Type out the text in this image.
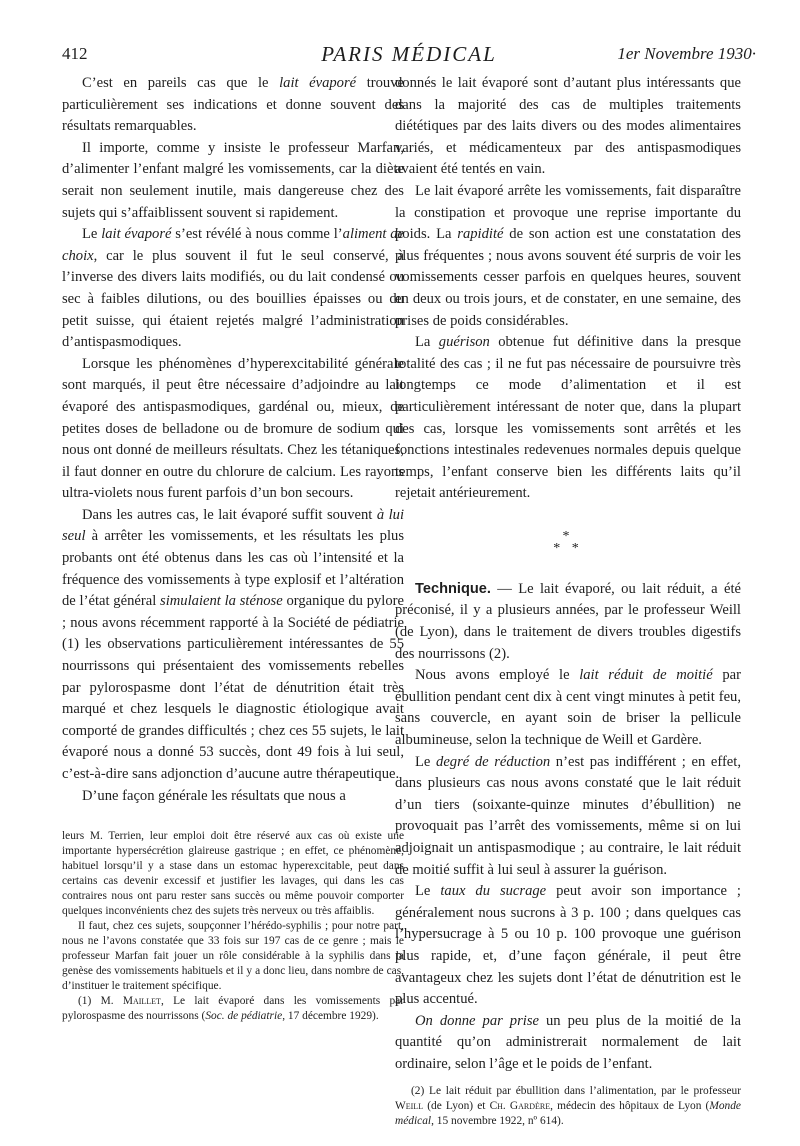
412	PARIS MÉDICAL	1er Novembre 1930·

C’est en pareils cas que le lait évaporé trouve particulièrement ses indications et donne souvent des résultats remarquables.

Il importe, comme y insiste le professeur Marfan, d’alimenter l’enfant malgré les vomissements, car la diète serait non seulement inutile, mais dangereuse chez des sujets qui s’affaiblissent souvent si rapidement.

Le lait évaporé s’est révélé à nous comme l’aliment de choix, car le plus souvent il fut le seul conservé, à l’inverse des divers laits modifiés, ou du lait condensé ou sec à faibles dilutions, ou des bouillies épaisses ou du petit suisse, qui étaient rejetés malgré l’administration d’antispasmodiques.

Lorsque les phénomènes d’hyperexcitabilité générale sont marqués, il peut être nécessaire d’adjoindre au lait évaporé des antispasmodiques, gardénal ou, mieux, de petites doses de belladone ou de bromure de sodium qui nous ont donné de meilleurs résultats. Chez les tétaniques, il faut donner en outre du chlorure de calcium. Les rayons ultra-violets nous furent parfois d’un bon secours.

Dans les autres cas, le lait évaporé suffit souvent à lui seul à arrêter les vomissements, et les résultats les plus probants ont été obtenus dans les cas où l’intensité et la fréquence des vomissements à type explosif et l’altération de l’état général simulaient la sténose organique du pylore ; nous avons récemment rapporté à la Société de pédiatrie (1) les observations particulièrement intéressantes de 55 nourrissons qui présentaient des vomissements rebelles par pylorospasme dont l’état de dénutrition était très marqué et chez lesquels le diagnostic étiologique avait comporté de grandes difficultés ; chez ces 55 sujets, le lait évaporé nous a donné 53 succès, dont 49 fois à lui seul, c’est-à-dire sans adjonction d’aucune autre thérapeutique.

D’une façon générale les résultats que nous a

leurs M. Terrien, leur emploi doit être réservé aux cas où existe une importante hypersécrétion glaireuse gastrique ; en effet, ce phénomène, habituel lorsqu’il y a stase dans un estomac hyperexcitable, peut dans certains cas devenir excessif et justifier les lavages, qui dans les cas contraires nous ont paru rester sans succès ou même pouvoir comporter quelques inconvénients chez des sujets très nerveux ou très affaiblis.

Il faut, chez ces sujets, soupçonner l’hérédo-syphilis ; pour notre part, nous ne l’avons constatée que 33 fois sur 197 cas de ce genre ; mais le professeur Marfan fait jouer un rôle considérable à la syphilis dans la genèse des vomissements habituels et il y a donc lieu, dans nombre de cas, d’instituer le traitement spécifique.

(1) M. Maillet, Le lait évaporé dans les vomissements par pylorospasme des nourrissons (Soc. de pédiatrie, 17 décembre 1929).

donnés le lait évaporé sont d’autant plus intéressants que dans la majorité des cas de multiples traitements diététiques par des laits divers ou des modes alimentaires variés, et médicamenteux par des antispasmodiques avaient été tentés en vain.

Le lait évaporé arrête les vomissements, fait disparaître la constipation et provoque une reprise importante du poids. La rapidité de son action est une constatation des plus fréquentes ; nous avons souvent été surpris de voir les vomissements cesser parfois en quelques heures, souvent en deux ou trois jours, et de constater, en une semaine, des prises de poids considérables.

La guérison obtenue fut définitive dans la presque totalité des cas ; il ne fut pas nécessaire de poursuivre très longtemps ce mode d’alimentation et il est particulièrement intéressant de noter que, dans la plupart des cas, lorsque les vomissements sont arrêtés et les fonctions intestinales redevenues normales depuis quelque temps, l’enfant conserve bien les différents laits qu’il rejetait antérieurement.

*
* *

Technique. — Le lait évaporé, ou lait réduit, a été préconisé, il y a plusieurs années, par le professeur Weill (de Lyon), dans le traitement de divers troubles digestifs des nourrissons (2).

Nous avons employé le lait réduit de moitié par ébullition pendant cent dix à cent vingt minutes à petit feu, sans couvercle, en ayant soin de briser la pellicule albumineuse, selon la technique de Weill et Gardère.

Le degré de réduction n’est pas indifférent ; en effet, dans plusieurs cas nous avons constaté que le lait réduit d’un tiers (soixante-quinze minutes d’ébullition) ne provoquait pas l’arrêt des vomissements, même si on lui adjoignait un antispasmodique ; au contraire, le lait réduit de moitié suffit à lui seul à assurer la guérison.

Le taux du sucrage peut avoir son importance ; généralement nous sucrons à 3 p. 100 ; dans quelques cas l’hypersucrage à 5 ou 10 p. 100 provoque une guérison plus rapide, et, d’une façon générale, il peut être avantageux chez les sujets dont l’état de dénutrition est le plus accentué.

On donne par prise un peu plus de la moitié de la quantité qu’on administrerait normalement de lait ordinaire, selon l’âge et le poids de l’enfant.

(2) Le lait réduit par ébullition dans l’alimentation, par le professeur Weill (de Lyon) et Ch. Gardère, médecin des hôpitaux de Lyon (Monde médical, 15 novembre 1922, nº 614).
